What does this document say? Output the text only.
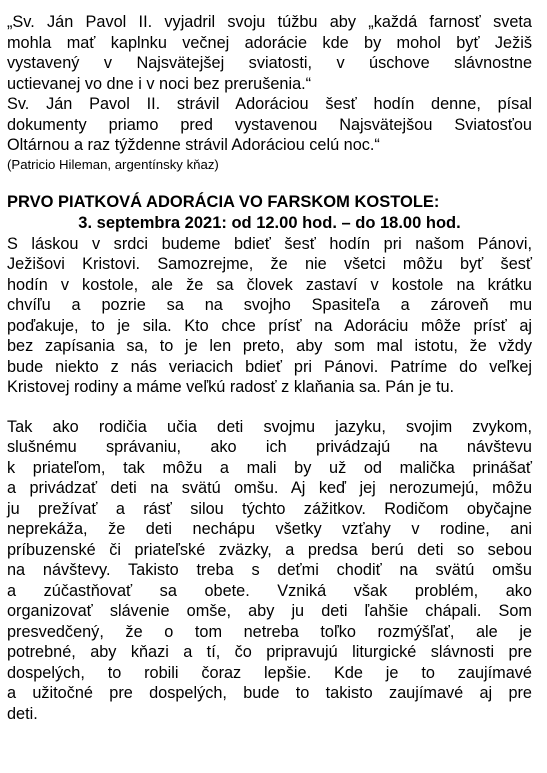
„Sv. Ján Pavol II. vyjadril svoju túžbu aby „každá farnosť sveta
mohla mať kaplnku večnej adorácie kde by mohol byť Ježiš
vystavený v Najsvätejšej sviatosti, v úschove slávnostne
uctievanej vo dne i v noci bez prerušenia.“
Sv. Ján Pavol II. strávil Adoráciou šesť hodín denne, písal
dokumenty priamo pred vystavenou Najsvätejšou Sviatosťou
Oltárnou a raz týždenne strávil Adoráciou celú noc.“
(Patricio Hileman, argentínsky kňaz)
PRVO PIATKOVÁ ADORÁCIA VO FARSKOM KOSTOLE:
3. septembra 2021: od 12.00 hod. – do 18.00 hod.
S láskou v srdci budeme bdieť šesť hodín pri našom Pánovi,
Ježišovi Kristovi. Samozrejme, že nie všetci môžu byť šesť
hodín v kostole, ale že sa človek zastaví v kostole na krátku
chvíľu a pozrie sa na svojho Spasiteľa a zároveň mu
poďakuje, to je sila. Kto chce prísť na Adoráciu môže prísť aj
bez zapísania sa, to je len preto, aby som mal istotu, že vždy
bude niekto z nás veriacich bdieť pri Pánovi. Patríme do veľkej
Kristovej rodiny a máme veľkú radosť z klaňania sa. Pán je tu.
Tak ako rodičia učia deti svojmu jazyku, svojim zvykom,
slušnému správaniu, ako ich privádzajú na návštevu
k priateľom, tak môžu a mali by už od malička prinášať
a privádzať deti na svätú omšu. Aj keď jej nerozumejú, môžu
ju prežívať a rásť silou týchto zážitkov. Rodičom obyčajne
neprekáža, že deti nechápu všetky vzťahy v rodine, ani
príbuzenské či priateľské zväzky, a predsa berú deti so sebou
na návštevy. Takisto treba s deťmi chodiť na svätú omšu
a zúčastňovať sa obete. Vzniká však problém, ako
organizovať slávenie omše, aby ju deti ľahšie chápali. Som
presvedčený, že o tom netreba toľko rozmýšľať, ale je
potrebné, aby kňazi a tí, čo pripravujú liturgické slávnosti pre
dospelých, to robili čoraz lepšie. Kde je to zaujímavé
a užitočné pre dospelých, bude to takisto zaujímavé aj pre
deti.
